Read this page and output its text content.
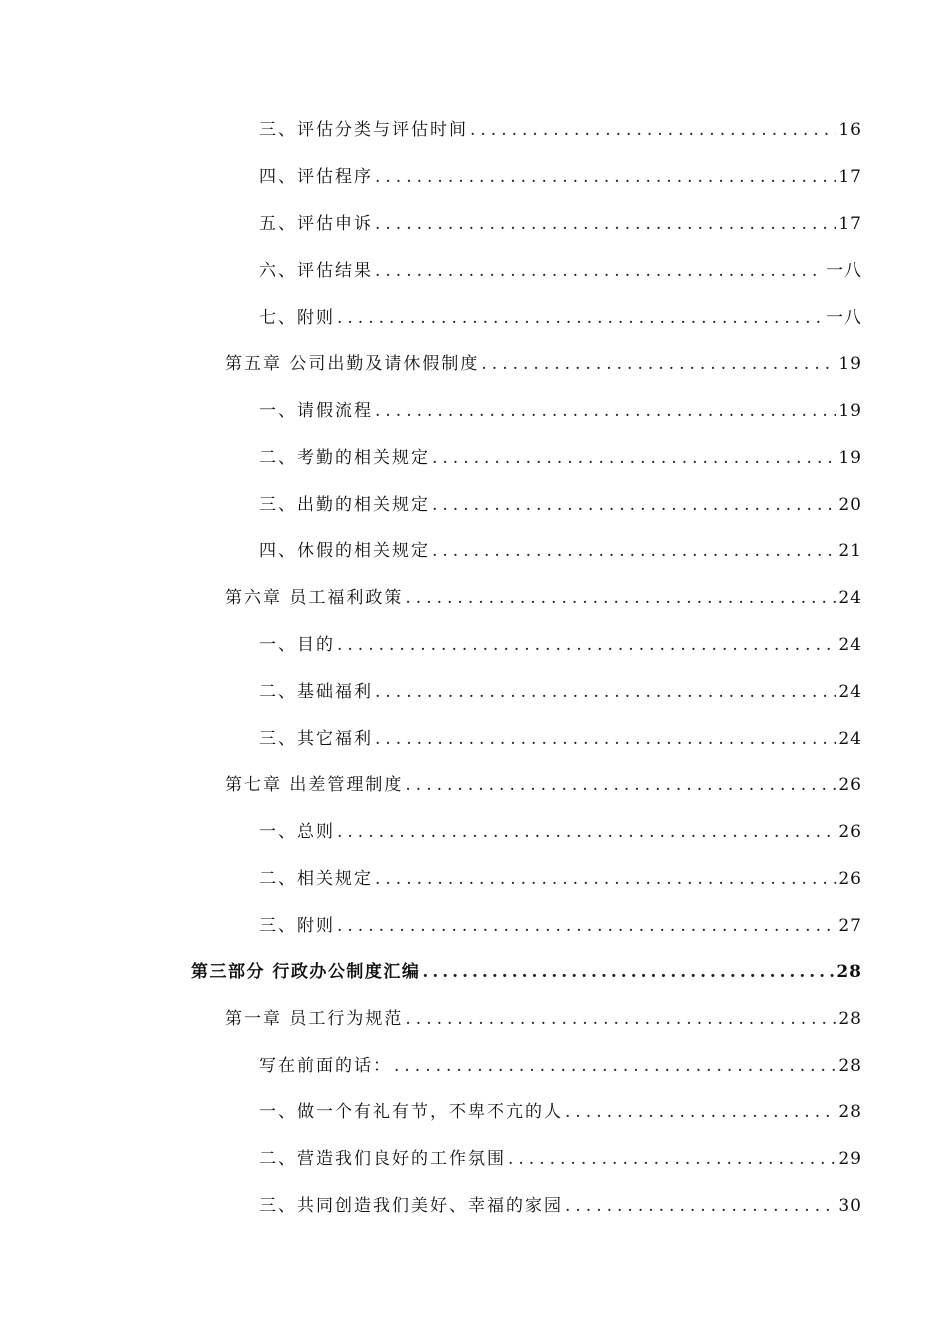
三、评估分类与评估时间 .....	16
四、评估程序 .....	17
五、评估申诉 .....	17
六、评估结果 .....	一八
七、附则 .....	一八
第五章 公司出勤及请休假制度 .....	19
一、请假流程 .....	19
二、考勤的相关规定 .....	19
三、出勤的相关规定 .....	20
四、休假的相关规定 .....	21
第六章 员工福利政策 .....	24
一、目的 .....	24
二、基础福利 .....	24
三、其它福利 .....	24
第七章 出差管理制度 .....	26
一、总则 .....	26
二、相关规定 .....	26
三、附则 .....	27
第三部分 行政办公制度汇编 .....	28
第一章 员工行为规范 .....	28
写在前面的话： .....	28
一、做一个有礼有节，不卑不亢的人 .....	28
二、营造我们良好的工作氛围 .....	29
三、共同创造我们美好、幸福的家园 .....	30
